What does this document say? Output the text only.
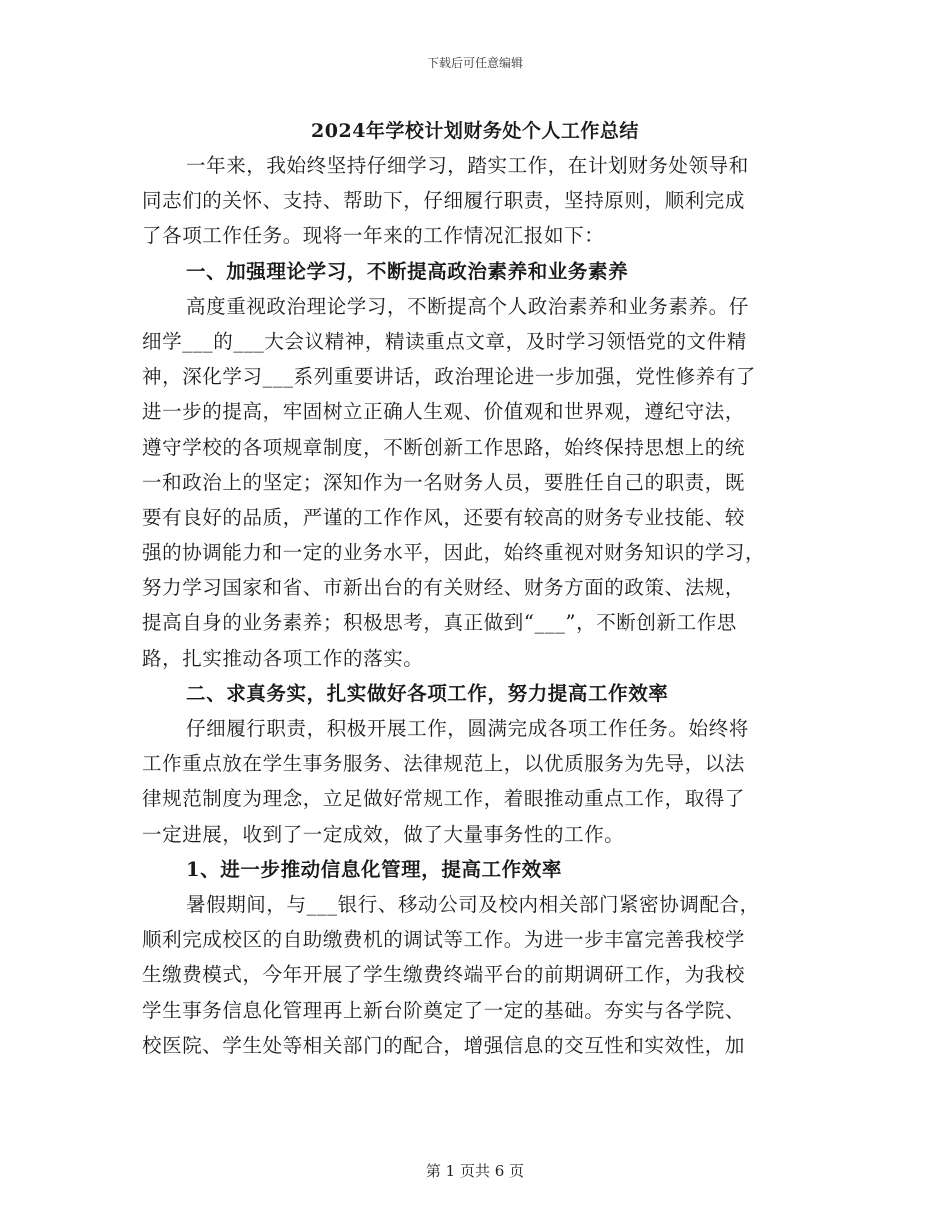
下载后可任意编辑
2024年学校计划财务处个人工作总结
一年来，我始终坚持仔细学习，踏实工作，在计划财务处领导和
同志们的关怀、支持、帮助下，仔细履行职责，坚持原则，顺利完成
了各项工作任务。现将一年来的工作情况汇报如下：
一、加强理论学习，不断提高政治素养和业务素养
高度重视政治理论学习，不断提高个人政治素养和业务素养。仔
细学___的___大会议精神，精读重点文章，及时学习领悟党的文件精
神，深化学习___系列重要讲话，政治理论进一步加强，党性修养有了
进一步的提高，牢固树立正确人生观、价值观和世界观，遵纪守法，
遵守学校的各项规章制度，不断创新工作思路，始终保持思想上的统
一和政治上的坚定；深知作为一名财务人员，要胜任自己的职责，既
要有良好的品质，严谨的工作作风，还要有较高的财务专业技能、较
强的协调能力和一定的业务水平，因此，始终重视对财务知识的学习，
努力学习国家和省、市新出台的有关财经、财务方面的政策、法规，
提高自身的业务素养；积极思考，真正做到“___”，不断创新工作思
路，扎实推动各项工作的落实。
二、求真务实，扎实做好各项工作，努力提高工作效率
仔细履行职责，积极开展工作，圆满完成各项工作任务。始终将
工作重点放在学生事务服务、法律规范上，以优质服务为先导，以法
律规范制度为理念，立足做好常规工作，着眼推动重点工作，取得了
一定进展，收到了一定成效，做了大量事务性的工作。
1、进一步推动信息化管理，提高工作效率
暑假期间，与___银行、移动公司及校内相关部门紧密协调配合，
顺利完成校区的自助缴费机的调试等工作。为进一步丰富完善我校学
生缴费模式，今年开展了学生缴费终端平台的前期调研工作，为我校
学生事务信息化管理再上新台阶奠定了一定的基础。夯实与各学院、
校医院、学生处等相关部门的配合，增强信息的交互性和实效性，加
第 1 页共 6 页
